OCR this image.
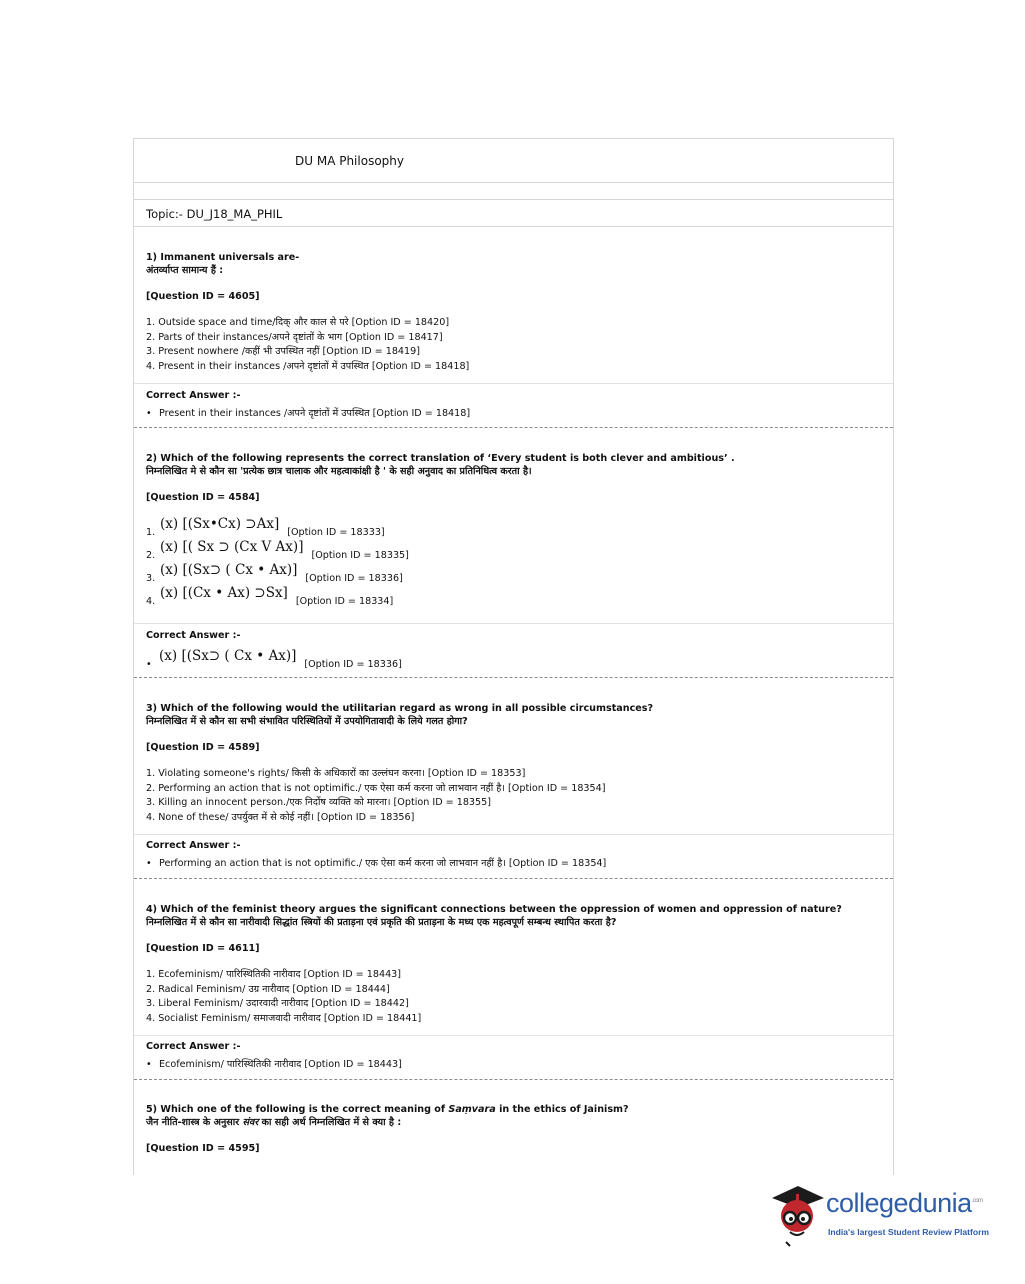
DU MA Philosophy
Topic:- DU_J18_MA_PHIL
1) Immanent universals are-
अंतर्व्याप्त सामान्य हैं :
[Question ID = 4605]
1. Outside space and time/दिक् और काल से परे [Option ID = 18420]
2. Parts of their instances/अपने दृष्टांतों के भाग [Option ID = 18417]
3. Present nowhere /कहीं भी उपस्थित नहीं [Option ID = 18419]
4. Present in their instances /अपने दृष्टांतों में उपस्थित [Option ID = 18418]
Correct Answer :-
• Present in their instances /अपने दृष्टांतों में उपस्थित [Option ID = 18418]
2) Which of the following represents the correct translation of ‘Every student is both clever and ambitious’ .
निम्नलिखित मे से कौन सा 'प्रत्येक छात्र चालाक और महत्वाकांक्षी है ' के सही अनुवाद का प्रतिनिधित्व करता है।
[Question ID = 4584]
1.(x) [(Sx•Cx) ⊃Ax][Option ID = 18333]
2.(x) [( Sx ⊃ (Cx V Ax)][Option ID = 18335]
3.(x) [(Sx⊃ ( Cx • Ax)][Option ID = 18336]
4.(x) [(Cx • Ax) ⊃Sx][Option ID = 18334]
Correct Answer :-
•(x) [(Sx⊃ ( Cx • Ax)][Option ID = 18336]
3) Which of the following would the utilitarian regard as wrong in all possible circumstances?
निम्नलिखित में से कौन सा सभी संभावित परिस्थितियों में उपयोगितावादी के लिये गलत होगा?
[Question ID = 4589]
1. Violating someone's rights/ किसी के अधिकारों का उल्लंघन करना। [Option ID = 18353]
2. Performing an action that is not optimific./ एक ऐसा कर्म करना जो लाभवान नहीं है। [Option ID = 18354]
3. Killing an innocent person./एक निर्दोष व्यक्ति को मारना। [Option ID = 18355]
4. None of these/ उपर्युक्त में से कोई नहीं। [Option ID = 18356]
Correct Answer :-
• Performing an action that is not optimific./ एक ऐसा कर्म करना जो लाभवान नहीं है। [Option ID = 18354]
4) Which of the feminist theory argues the significant connections between the oppression of women and oppression of nature?
निम्नलिखित में से कौन सा नारीवादी सिद्धांत स्त्रियों की प्रताड़ना एवं प्रकृति की प्रताड़ना के मध्य एक महत्वपूर्ण सम्बन्ध स्थापित करता है?
[Question ID = 4611]
1. Ecofeminism/ पारिस्थितिकी नारीवाद [Option ID = 18443]
2. Radical Feminism/ उग्र नारीवाद [Option ID = 18444]
3. Liberal Feminism/ उदारवादी नारीवाद [Option ID = 18442]
4. Socialist Feminism/ समाजवादी नारीवाद [Option ID = 18441]
Correct Answer :-
• Ecofeminism/ पारिस्थितिकी नारीवाद [Option ID = 18443]
5) Which one of the following is the correct meaning of Saṃvara in the ethics of Jainism?
जैन नीति-शास्त्र के अनुसार संवर का सही अर्थ निम्नलिखित में से क्या है :
[Question ID = 4595]
collegedunia$^{.com}$
India's largest Student Review Platform
